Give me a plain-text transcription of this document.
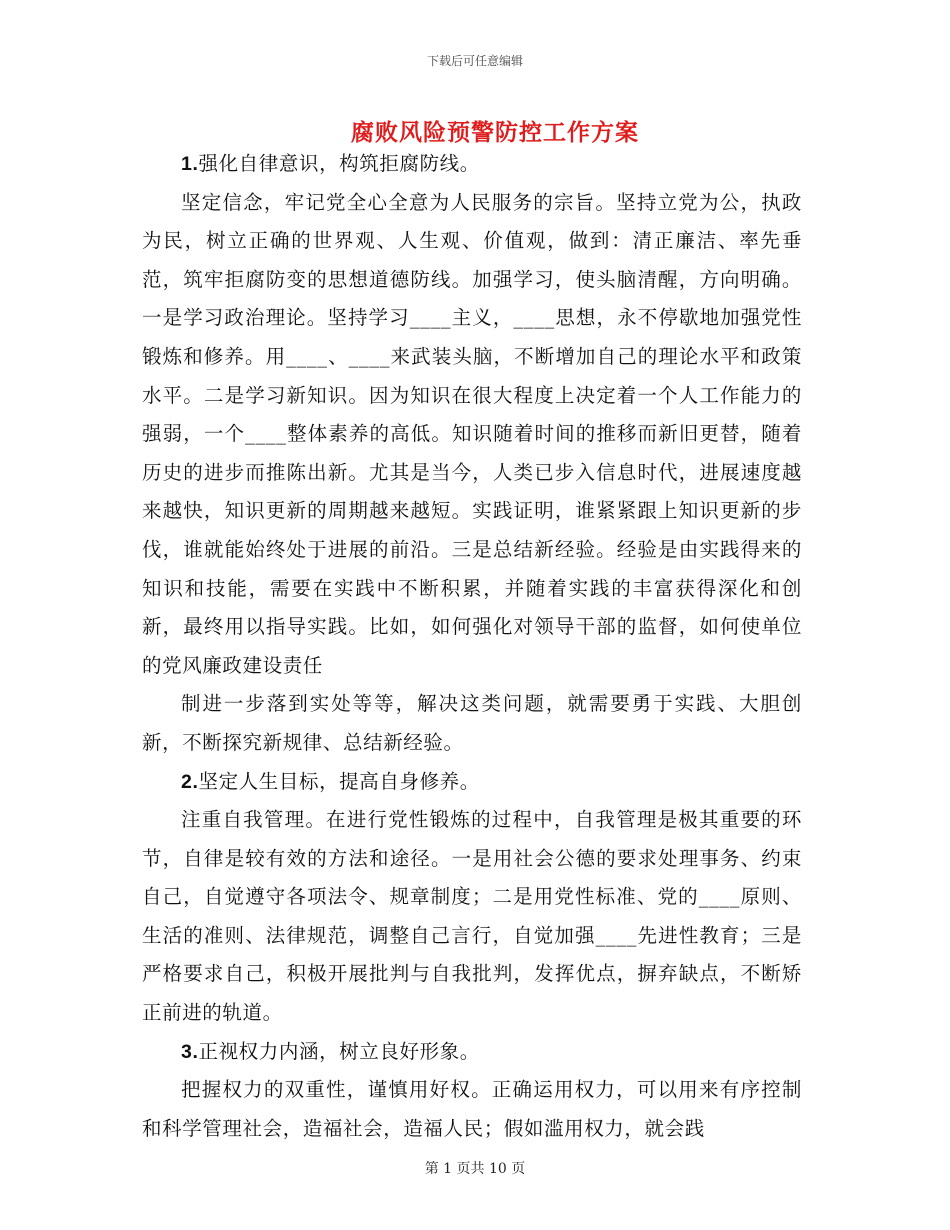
下载后可任意编辑
腐败风险预警防控工作方案

1.强化自律意识，构筑拒腐防线。

坚定信念，牢记党全心全意为人民服务的宗旨。坚持立党为公，执政为民，树立正确的世界观、人生观、价值观，做到：清正廉洁、率先垂范，筑牢拒腐防变的思想道德防线。加强学习，使头脑清醒，方向明确。一是学习政治理论。坚持学习____主义，____思想，永不停歇地加强党性锻炼和修养。用____、____来武装头脑，不断增加自己的理论水平和政策水平。二是学习新知识。因为知识在很大程度上决定着一个人工作能力的强弱，一个____整体素养的高低。知识随着时间的推移而新旧更替，随着历史的进步而推陈出新。尤其是当今，人类已步入信息时代，进展速度越来越快，知识更新的周期越来越短。实践证明，谁紧紧跟上知识更新的步伐，谁就能始终处于进展的前沿。三是总结新经验。经验是由实践得来的知识和技能，需要在实践中不断积累，并随着实践的丰富获得深化和创新，最终用以指导实践。比如，如何强化对领导干部的监督，如何使单位的党风廉政建设责任

制进一步落到实处等等，解决这类问题，就需要勇于实践、大胆创新，不断探究新规律、总结新经验。

2.坚定人生目标，提高自身修养。

注重自我管理。在进行党性锻炼的过程中，自我管理是极其重要的环节，自律是较有效的方法和途径。一是用社会公德的要求处理事务、约束自己，自觉遵守各项法令、规章制度；二是用党性标准、党的____原则、生活的准则、法律规范，调整自己言行，自觉加强____先进性教育；三是严格要求自己，积极开展批判与自我批判，发挥优点，摒弃缺点，不断矫正前进的轨道。

3.正视权力内涵，树立良好形象。

把握权力的双重性，谨慎用好权。正确运用权力，可以用来有序控制和科学管理社会，造福社会，造福人民；假如滥用权力，就会践

第 1 页共 10 页
